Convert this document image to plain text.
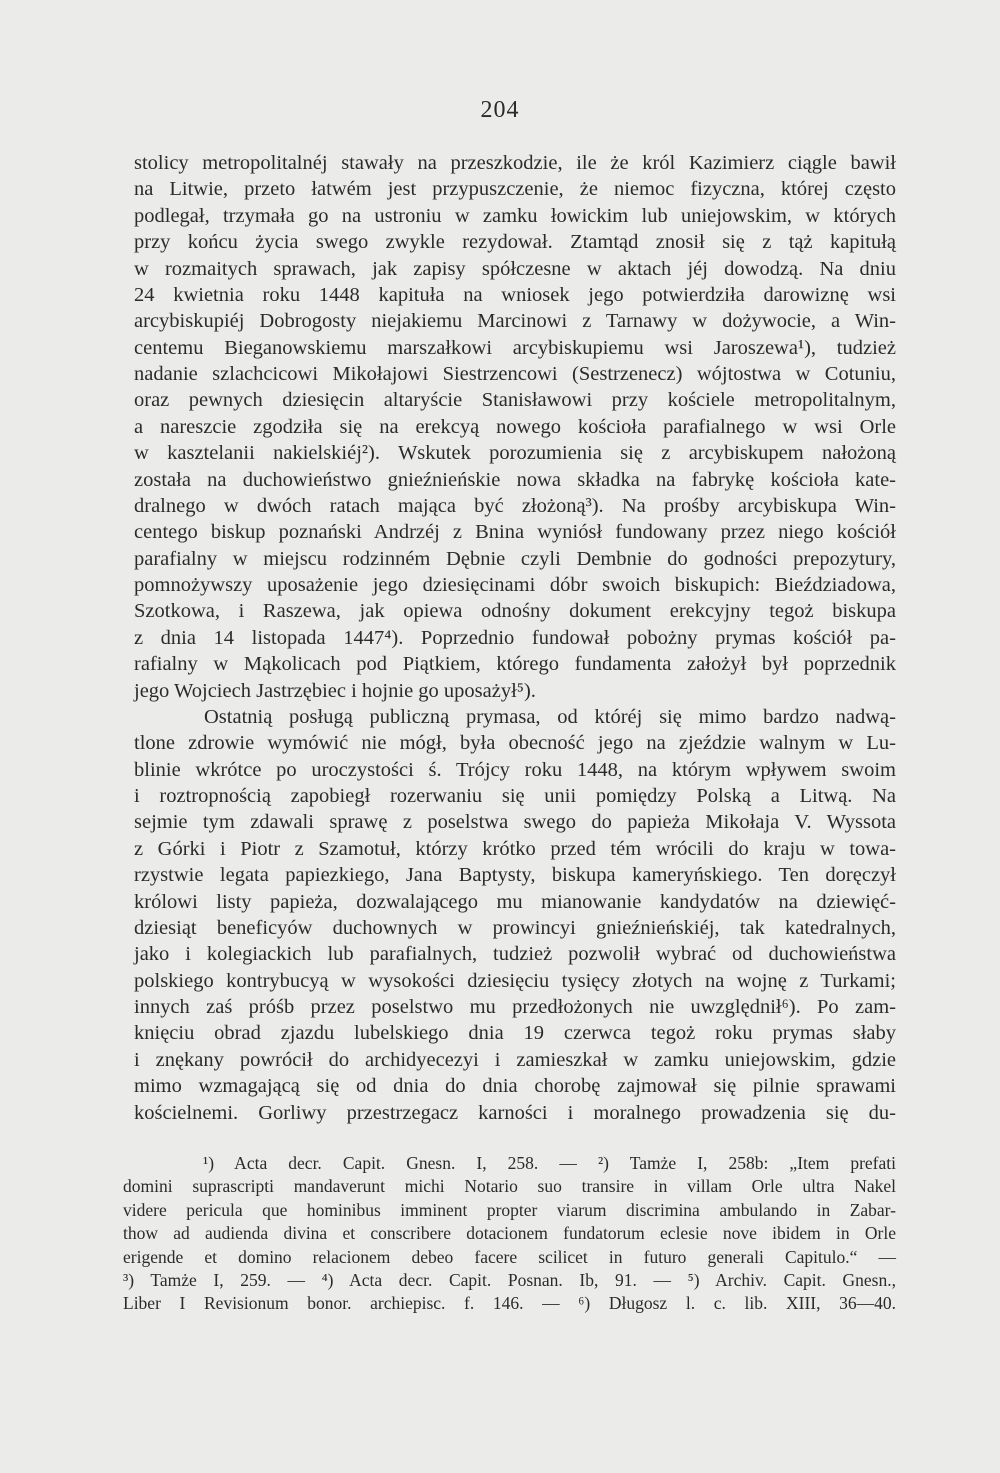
204
stolicy metropolitalnéj stawały na przeszkodzie, ile że król Kazimierz ciągle bawił
na Litwie, przeto łatwém jest przypuszczenie, że niemoc fizyczna, której często
podlegał, trzymała go na ustroniu w zamku łowickim lub uniejowskim, w których
przy końcu życia swego zwykle rezydował. Ztamtąd znosił się z tąż kapitułą
w rozmaitych sprawach, jak zapisy spółczesne w aktach jéj dowodzą. Na dniu
24 kwietnia roku 1448 kapituła na wniosek jego potwierdziła darowiznę wsi
arcybiskupiéj Dobrogosty niejakiemu Marcinowi z Tarnawy w dożywocie, a Win-
centemu Bieganowskiemu marszałkowi arcybiskupiemu wsi Jaroszewa¹), tudzież
nadanie szlachcicowi Mikołajowi Siestrzencowi (Sestrzenecz) wójtostwa w Cotuniu,
oraz pewnych dziesięcin altaryście Stanisławowi przy kościele metropolitalnym,
a nareszcie zgodziła się na erekcyą nowego kościoła parafialnego w wsi Orle
w kasztelanii nakielskiéj²). Wskutek porozumienia się z arcybiskupem nałożoną
została na duchowieństwo gnieźnieńskie nowa składka na fabrykę kościoła kate-
dralnego w dwóch ratach mająca być złożoną³). Na prośby arcybiskupa Win-
centego biskup poznański Andrzéj z Bnina wyniósł fundowany przez niego kościół
parafialny w miejscu rodzinném Dębnie czyli Dembnie do godności prepozytury,
pomnożywszy uposażenie jego dziesięcinami dóbr swoich biskupich: Bieździadowa,
Szotkowa, i Raszewa, jak opiewa odnośny dokument erekcyjny tegoż biskupa
z dnia 14 listopada 1447⁴). Poprzednio fundował pobożny prymas kościół pa-
rafialny w Mąkolicach pod Piątkiem, którego fundamenta założył był poprzednik
jego Wojciech Jastrzębiec i hojnie go uposażył⁵).
Ostatnią posługą publiczną prymasa, od któréj się mimo bardzo nadwą-
tlone zdrowie wymówić nie mógł, była obecność jego na zjeździe walnym w Lu-
blinie wkrótce po uroczystości ś. Trójcy roku 1448, na którym wpływem swoim
i roztropnością zapobiegł rozerwaniu się unii pomiędzy Polską a Litwą. Na
sejmie tym zdawali sprawę z poselstwa swego do papieża Mikołaja V. Wyssota
z Górki i Piotr z Szamotuł, którzy krótko przed tém wrócili do kraju w towa-
rzystwie legata papiezkiego, Jana Baptysty, biskupa kameryńskiego. Ten doręczył
królowi listy papieża, dozwalającego mu mianowanie kandydatów na dziewięć-
dziesiąt beneficyów duchownych w prowincyi gnieźnieńskiéj, tak katedralnych,
jako i kolegiackich lub parafialnych, tudzież pozwolił wybrać od duchowieństwa
polskiego kontrybucyą w wysokości dziesięciu tysięcy złotych na wojnę z Turkami;
innych zaś próśb przez poselstwo mu przedłożonych nie uwzględnił⁶). Po zam-
knięciu obrad zjazdu lubelskiego dnia 19 czerwca tegoż roku prymas słaby
i znękany powrócił do archidyecezyi i zamieszkał w zamku uniejowskim, gdzie
mimo wzmagającą się od dnia do dnia chorobę zajmował się pilnie sprawami
kościelnemi. Gorliwy przestrzegacz karności i moralnego prowadzenia się du-
¹) Acta decr. Capit. Gnesn. I, 258. — ²) Tamże I, 258b: „Item prefati
domini suprascripti mandaverunt michi Notario suo transire in villam Orle ultra Nakel
videre pericula que hominibus imminent propter viarum discrimina ambulando in Zabar-
thow ad audienda divina et conscribere dotacionem fundatorum eclesie nove ibidem in Orle
erigende et domino relacionem debeo facere scilicet in futuro generali Capitulo.“ —
³) Tamże I, 259. — ⁴) Acta decr. Capit. Posnan. Ib, 91. — ⁵) Archiv. Capit. Gnesn.,
Liber I Revisionum bonor. archiepisc. f. 146. — ⁶) Długosz l. c. lib. XIII, 36—40.
